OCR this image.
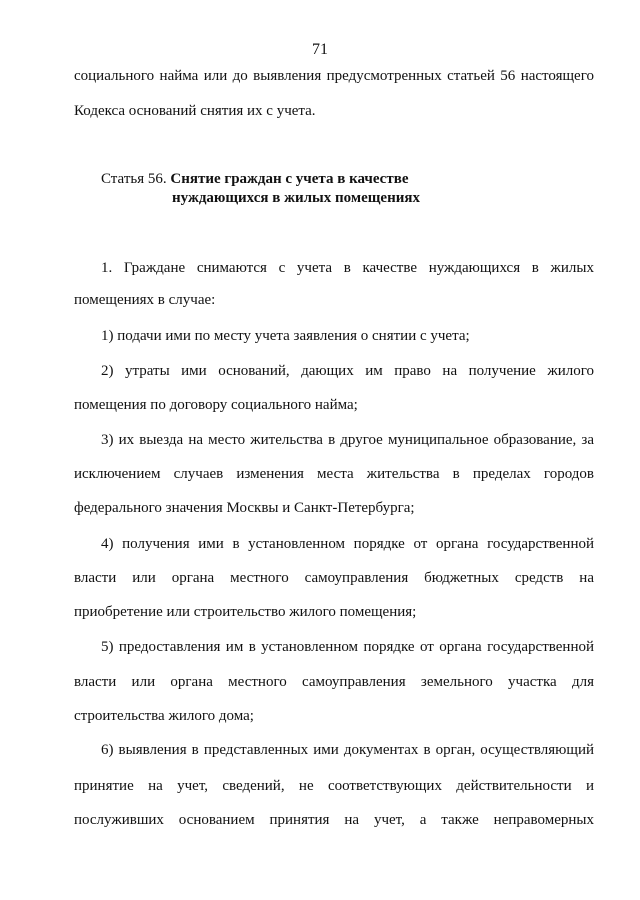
71
социального найма или до выявления предусмотренных статьей 56 настоящего
Кодекса оснований снятия их с учета.
Статья 56. Снятие граждан с учета в качестве
нуждающихся в жилых помещениях
1. Граждане снимаются с учета в качестве нуждающихся в жилых
помещениях в случае:
1) подачи ими по месту учета заявления о снятии с учета;
2) утраты ими оснований, дающих им право на получение жилого
помещения по договору социального найма;
3) их выезда на место жительства в другое муниципальное образование, за
исключением случаев изменения места жительства в пределах городов
федерального значения Москвы и Санкт-Петербурга;
4) получения ими в установленном порядке от органа государственной
власти или органа местного самоуправления бюджетных средств на
приобретение или строительство жилого помещения;
5) предоставления им в установленном порядке от органа государственной
власти или органа местного самоуправления земельного участка для
строительства жилого дома;
6) выявления в представленных ими документах в орган, осуществляющий
принятие на учет, сведений, не соответствующих действительности и
послуживших основанием принятия на учет, а также неправомерных
